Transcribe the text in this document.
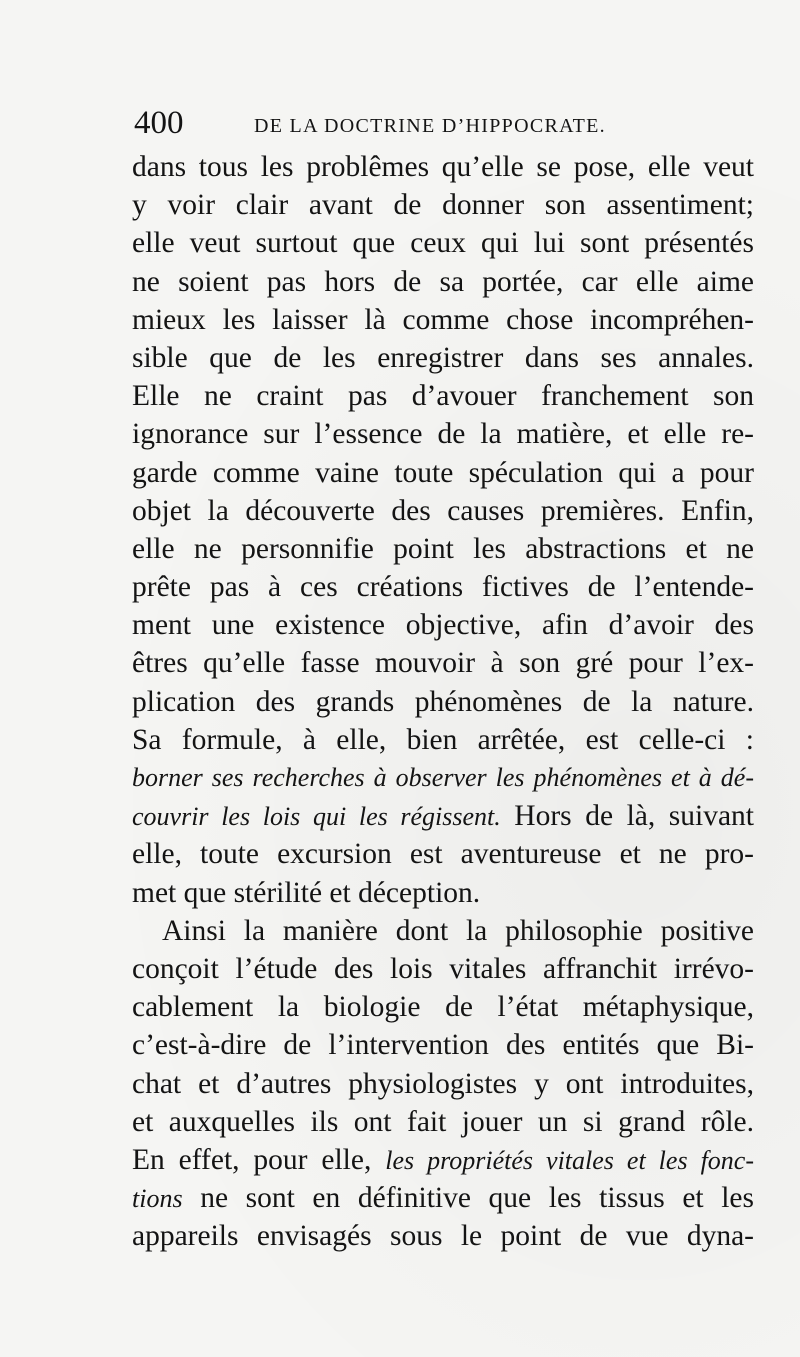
400	DE LA DOCTRINE D’HIPPOCRATE.
dans tous les problêmes qu’elle se pose, elle veut
y voir clair avant de donner son assentiment;
elle veut surtout que ceux qui lui sont présentés
ne soient pas hors de sa portée, car elle aime
mieux les laisser là comme chose incompréhen-
sible que de les enregistrer dans ses annales.
Elle ne craint pas d’avouer franchement son
ignorance sur l’essence de la matière, et elle re-
garde comme vaine toute spéculation qui a pour
objet la découverte des causes premières. Enfin,
elle ne personnifie point les abstractions et ne
prête pas à ces créations fictives de l’entende-
ment une existence objective, afin d’avoir des
êtres qu’elle fasse mouvoir à son gré pour l’ex-
plication des grands phénomènes de la nature.
Sa formule, à elle, bien arrêtée, est celle-ci :
borner ses recherches à observer les phénomènes et à dé-
couvrir les lois qui les régissent. Hors de là, suivant
elle, toute excursion est aventureuse et ne pro-
met que stérilité et déception.
Ainsi la manière dont la philosophie positive
conçoit l’étude des lois vitales affranchit irrévo-
cablement la biologie de l’état métaphysique,
c’est-à-dire de l’intervention des entités que Bi-
chat et d’autres physiologistes y ont introduites,
et auxquelles ils ont fait jouer un si grand rôle.
En effet, pour elle, les propriétés vitales et les fonc-
tions ne sont en définitive que les tissus et les
appareils envisagés sous le point de vue dyna-
